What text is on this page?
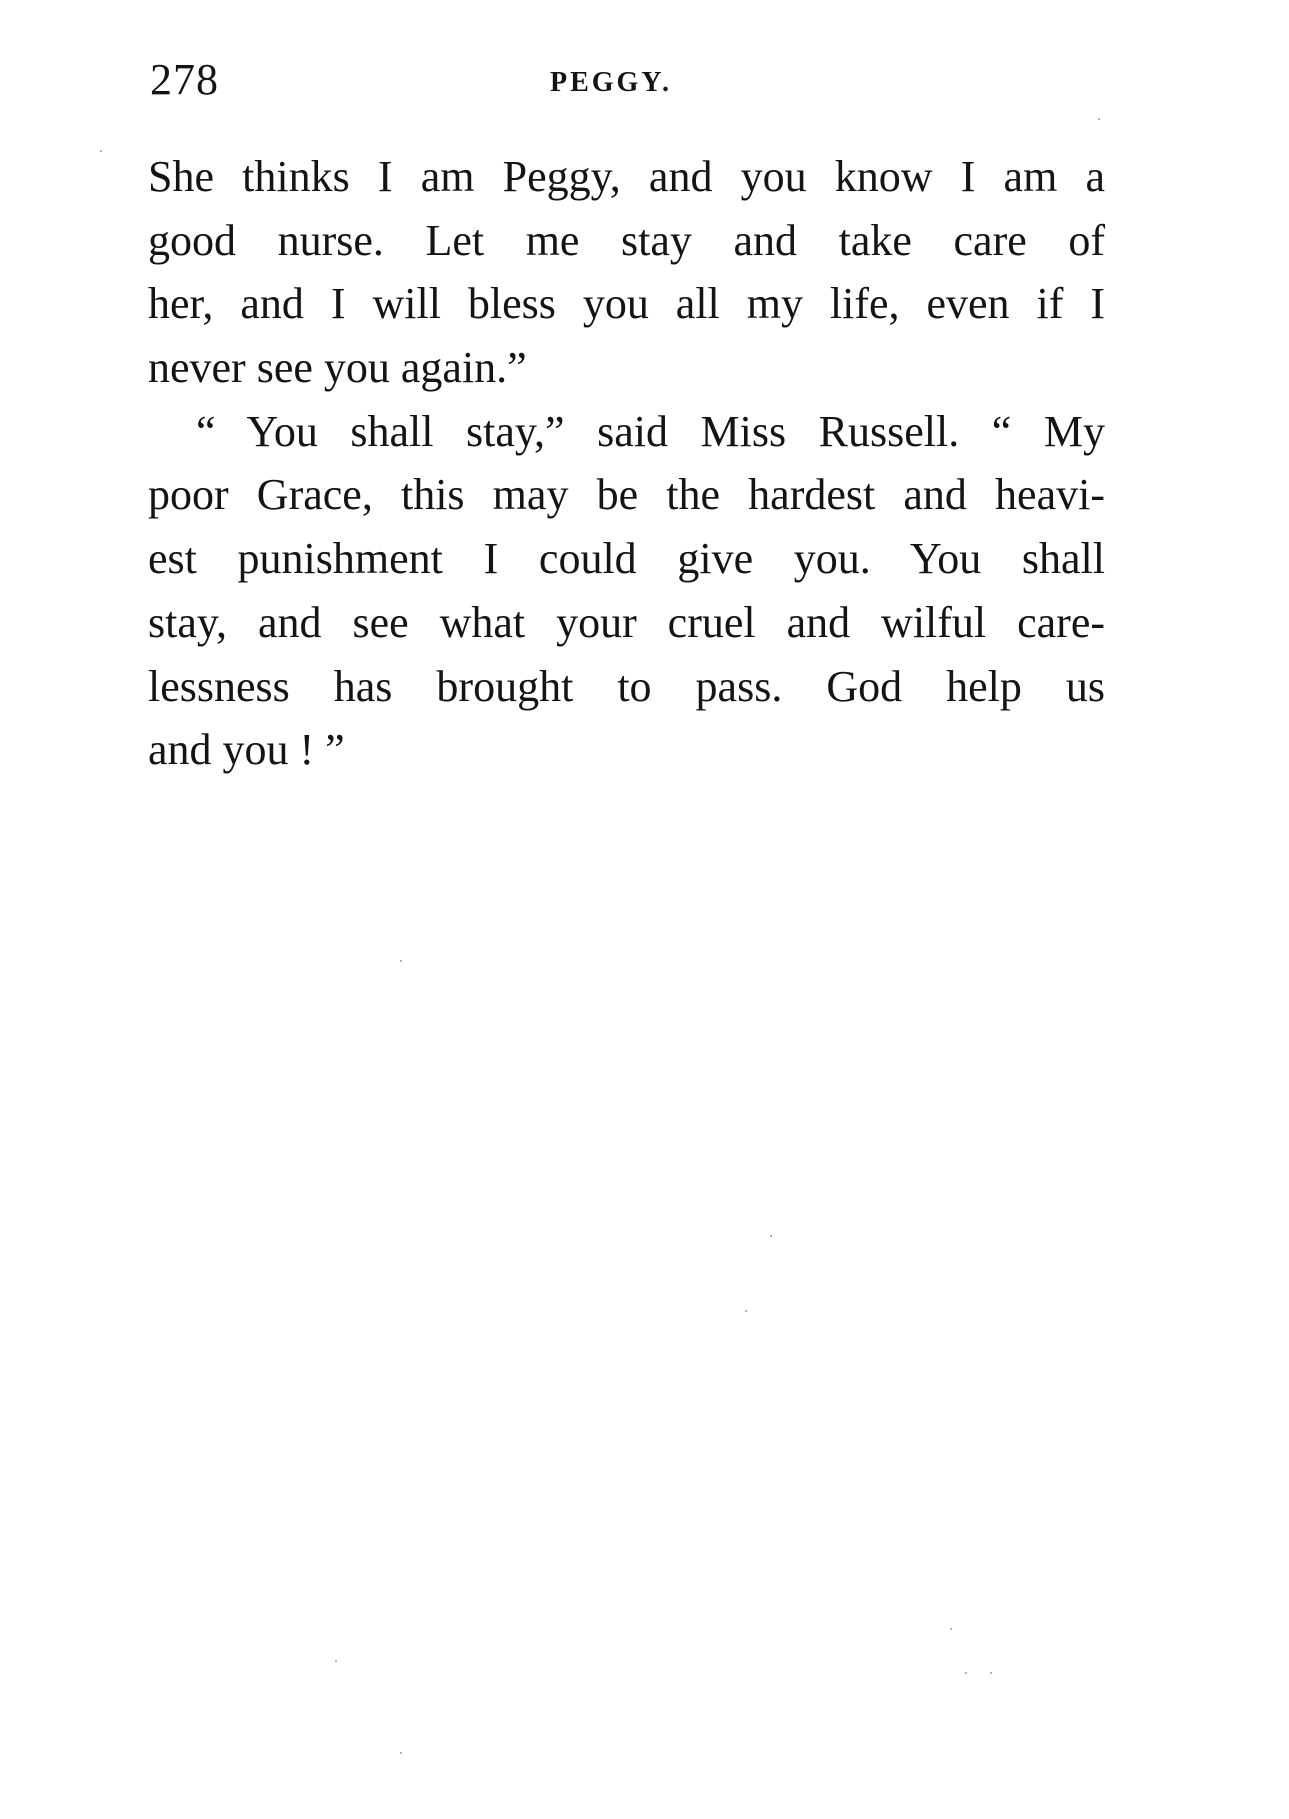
278	PEGGY.
She thinks I am Peggy, and you know I am a
good nurse. Let me stay and take care of
her, and I will bless you all my life, even if I
never see you again.”
“ You shall stay,” said Miss Russell. “ My
poor Grace, this may be the hardest and heavi-
est punishment I could give you. You shall
stay, and see what your cruel and wilful care-
lessness has brought to pass. God help us
and you ! ”
